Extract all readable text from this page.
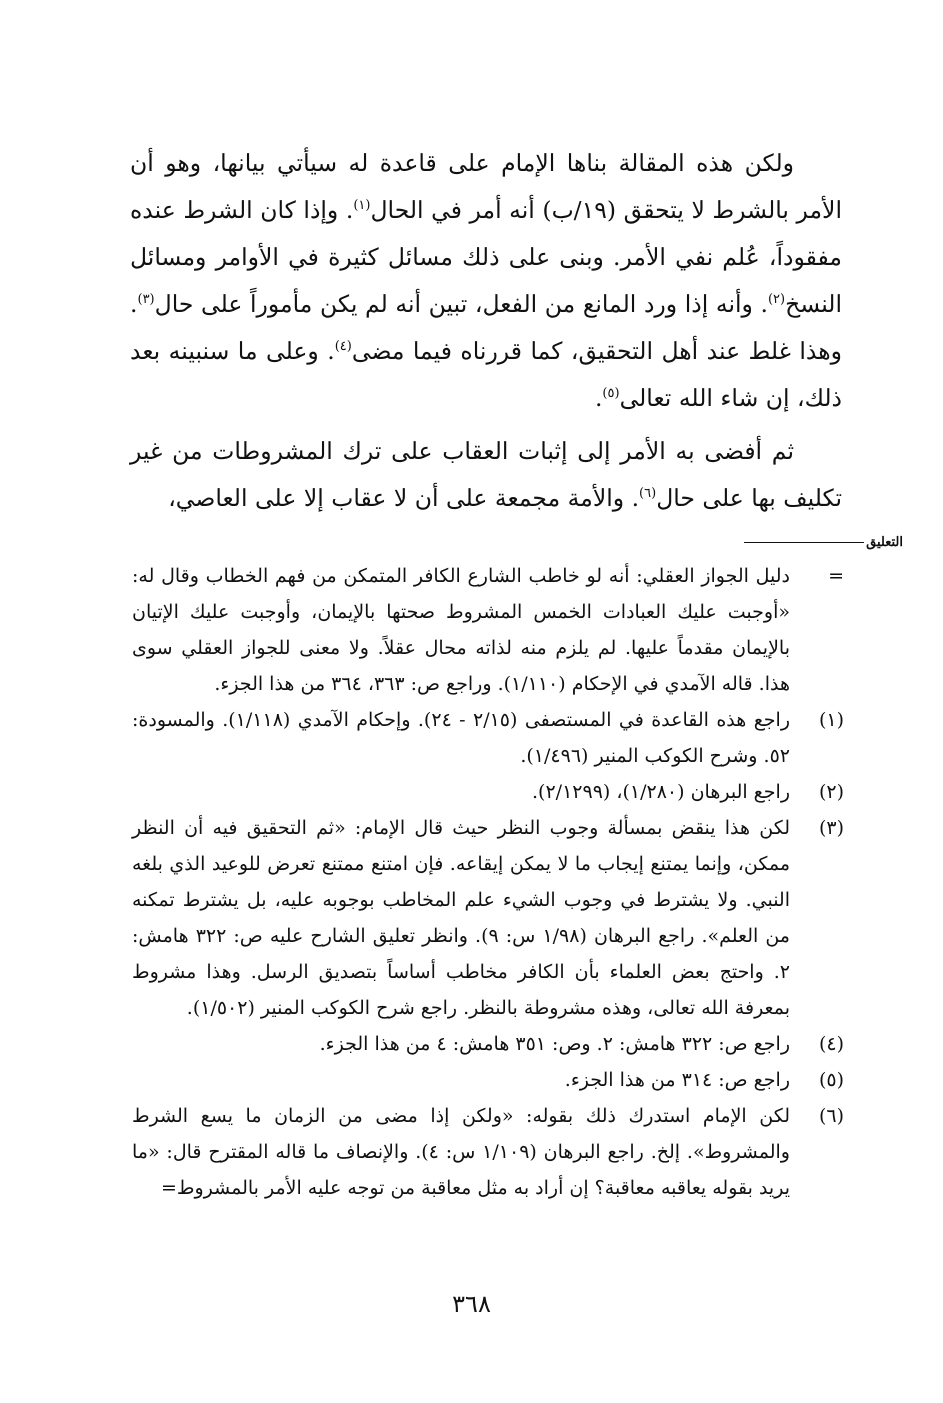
ولكن هذه المقالة بناها الإمام على قاعدة له سيأتي بيانها، وهو أن الأمر بالشرط لا يتحقق (١٩/ب) أنه أمر في الحال$^{(١)}$. وإذا كان الشرط عنده مفقوداً، عُلم نفي الأمر. وبنى على ذلك مسائل كثيرة في الأوامر ومسائل النسخ$^{(٢)}$. وأنه إذا ورد المانع من الفعل، تبين أنه لم يكن مأموراً على حال$^{(٣)}$. وهذا غلط عند أهل التحقيق، كما قررناه فيما مضى$^{(٤)}$. وعلى ما سنبينه بعد ذلك، إن شاء الله تعالى$^{(٥)}$.

ثم أفضى به الأمر إلى إثبات العقاب على ترك المشروطات من غير تكليف بها على حال$^{(٦)}$. والأمة مجمعة على أن لا عقاب إلا على العاصي،

التعليق
=
دليل الجواز العقلي: أنه لو خاطب الشارع الكافر المتمكن من فهم الخطاب وقال له: «أوجبت عليك العبادات الخمس المشروط صحتها بالإيمان، وأوجبت عليك الإتيان بالإيمان مقدماً عليها. لم يلزم منه لذاته محال عقلاً. ولا معنى للجواز العقلي سوى هذا. قاله الآمدي في الإحكام (١/١١٠). وراجع ص: ٣٦٣، ٣٦٤ من هذا الجزء.
(١)
راجع هذه القاعدة في المستصفى (٢/١٥ - ٢٤). وإحكام الآمدي (١/١١٨). والمسودة: ٥٢. وشرح الكوكب المنير (١/٤٩٦).
(٢)
راجع البرهان (١/٢٨٠)، (٢/١٢٩٩).
(٣)
لكن هذا ينقض بمسألة وجوب النظر حيث قال الإمام: «ثم التحقيق فيه أن النظر ممكن، وإنما يمتنع إيجاب ما لا يمكن إيقاعه. فإن امتنع ممتنع تعرض للوعيد الذي بلغه النبي. ولا يشترط في وجوب الشيء علم المخاطب بوجوبه عليه، بل يشترط تمكنه من العلم». راجع البرهان (١/٩٨ س: ٩). وانظر تعليق الشارح عليه ص: ٣٢٢ هامش: ٢. واحتج بعض العلماء بأن الكافر مخاطب أساساً بتصديق الرسل. وهذا مشروط بمعرفة الله تعالى، وهذه مشروطة بالنظر. راجع شرح الكوكب المنير (١/٥٠٢).
(٤)
راجع ص: ٣٢٢ هامش: ٢. وص: ٣٥١ هامش: ٤ من هذا الجزء.
(٥)
راجع ص: ٣١٤ من هذا الجزء.
(٦)
لكن الإمام استدرك ذلك بقوله: «ولكن إذا مضى من الزمان ما يسع الشرط والمشروط». إلخ. راجع البرهان (١/١٠٩ س: ٤). والإنصاف ما قاله المقترح قال: «ما يريد بقوله يعاقبه معاقبة؟ إن أراد به مثل معاقبة من توجه عليه الأمر بالمشروط=
٣٦٨
